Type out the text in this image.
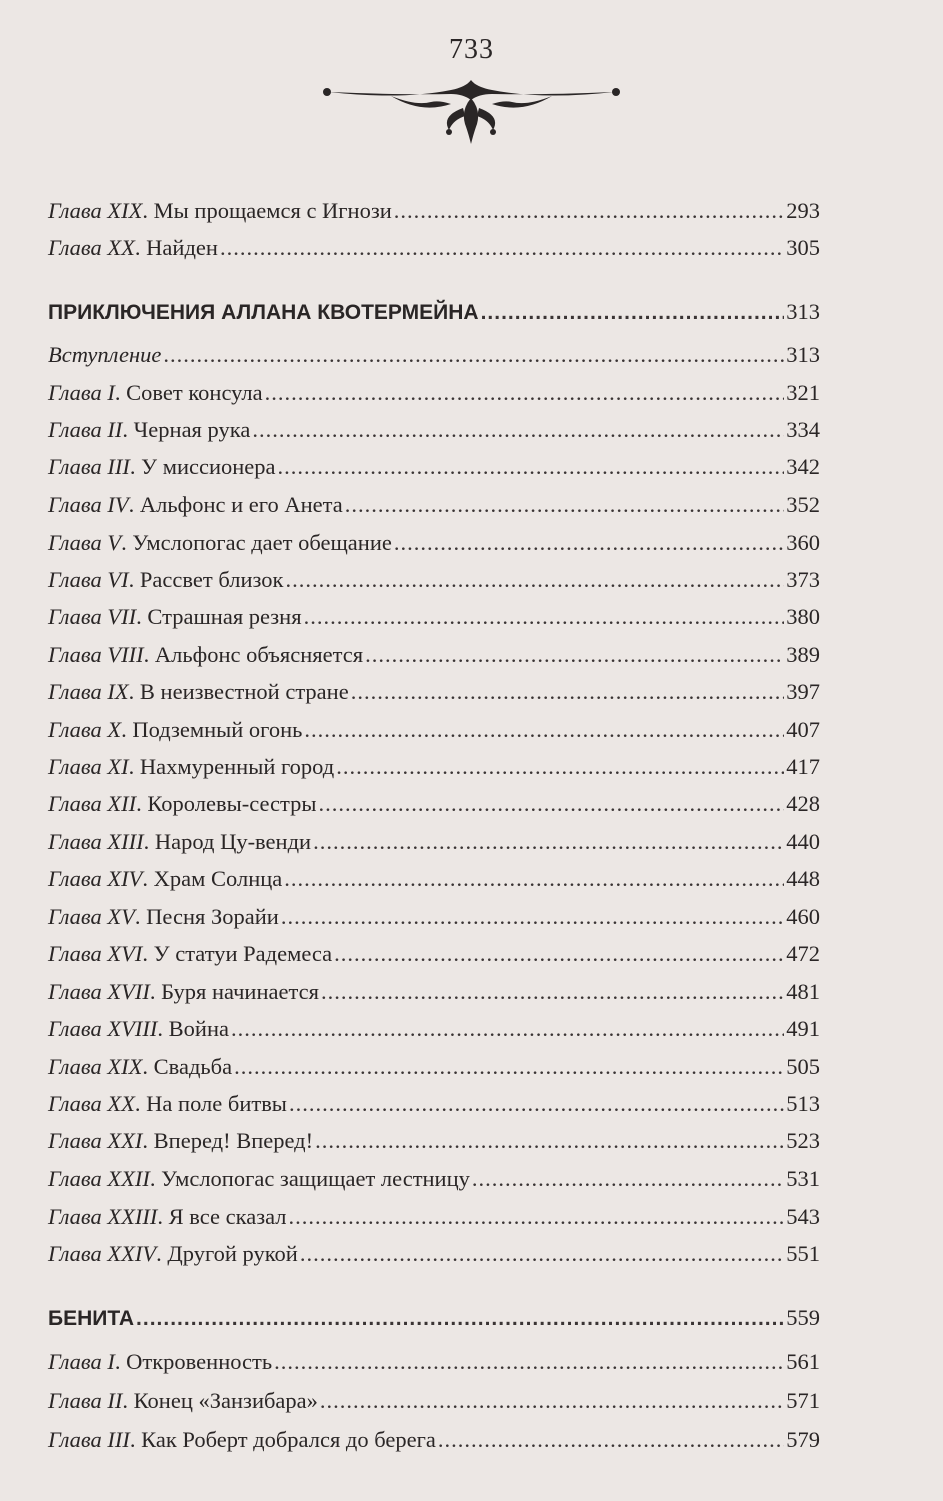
733
Глава XIX . Мы прощаемся с Игнози .....	293
Глава XX . Найден .....	305
ПРИКЛЮЧЕНИЯ АЛЛАНА КВОТЕРМЕЙНА .....	313
Вступление .....	313
Глава I . Совет консула .....	321
Глава II . Черная рука .....	334
Глава III . У миссионера .....	342
Глава IV . Альфонс и его Анета .....	352
Глава V . Умслопогас дает обещание .....	360
Глава VI . Рассвет близок .....	373
Глава VII . Страшная резня .....	380
Глава VIII . Альфонс объясняется .....	389
Глава IX . В неизвестной стране .....	397
Глава X . Подземный огонь .....	407
Глава XI . Нахмуренный город .....	417
Глава XII . Королевы-сестры .....	428
Глава XIII . Народ Цу-венди .....	440
Глава XIV . Храм Солнца .....	448
Глава XV . Песня Зорайи .....	460
Глава XVI . У статуи Радемеса .....	472
Глава XVII . Буря начинается .....	481
Глава XVIII . Война .....	491
Глава XIX . Свадьба .....	505
Глава XX . На поле битвы .....	513
Глава XXI . Вперед! Вперед! .....	523
Глава XXII . Умслопогас защищает лестницу .....	531
Глава XXIII . Я все сказал .....	543
Глава XXIV . Другой рукой .....	551
БЕНИТА .....	559
Глава I . Откровенность .....	561
Глава II . Конец «Занзибара» .....	571
Глава III . Как Роберт добрался до берега .....	579
